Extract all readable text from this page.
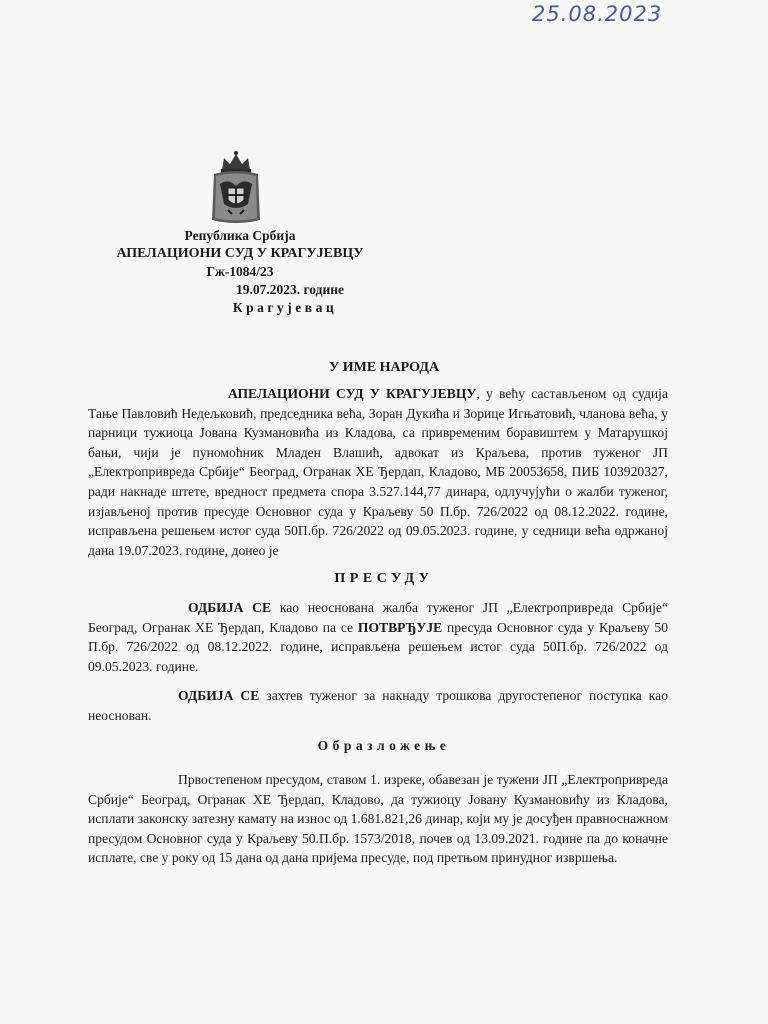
25.08.2023

Република Србија

АПЕЛАЦИОНИ СУД У КРАГУЈЕВЦУ

Гж-1084/23

19.07.2023. године

Крагујевац

У ИМЕ НАРОДА

АПЕЛАЦИОНИ СУД У КРАГУЈЕВЦУ, у већу састављеном од судија Тање Павловић Недељковић, председника већа, Зоран Дукића и Зорице Игњатовић, чланова већа, у парници тужиоца Јована Кузмановића из Кладова, са привременим боравиштем у Матарушкој бањи, чији је пуномоћник Младен Влашић, адвокат из Краљева, против туженог ЈП „Електропривреда Србије“ Београд, Огранак ХЕ Ђердап, Кладово, МБ 20053658, ПИБ 103920327, ради накнаде штете, вредност предмета спора 3.527.144,77 динара, одлучујући о жалби туженог, изјављеној против пресуде Основног суда у Краљеву 50 П.бр. 726/2022 од 08.12.2022. године, исправљена решењем истог суда 50П.бр. 726/2022 од 09.05.2023. године, у седници већа одржаној дана 19.07.2023. године, донео је

ПРЕСУДУ

ОДБИЈА СЕ као неоснована жалба туженог ЈП „Електропривреда Србије“ Београд, Огранак ХЕ Ђердап, Кладово па се ПОТВРЂУЈЕ пресуда Основног суда у Краљеву 50 П.бр. 726/2022 од 08.12.2022. године, исправљена решењем истог суда 50П.бр. 726/2022 од 09.05.2023. године.

ОДБИЈА СЕ захтев туженог за накнаду трошкова другостепеног поступка као неоснован.

Образложење

Првостепеном пресудом, ставом 1. изреке, обавезан је тужени ЈП „Електропривреда Србије“ Београд, Огранак ХЕ Ђердап, Кладово, да тужиоцу Јовану Кузмановићу из Кладова, исплати законску затезну камату на износ од 1.681.821,26 динар, који му је досуђен правноснажном пресудом Основног суда у Краљеву 50.П.бр. 1573/2018, почев од 13.09.2021. године па до коначне исплате, све у року од 15 дана од дана пријема пресуде, под претњом принудног извршења.
